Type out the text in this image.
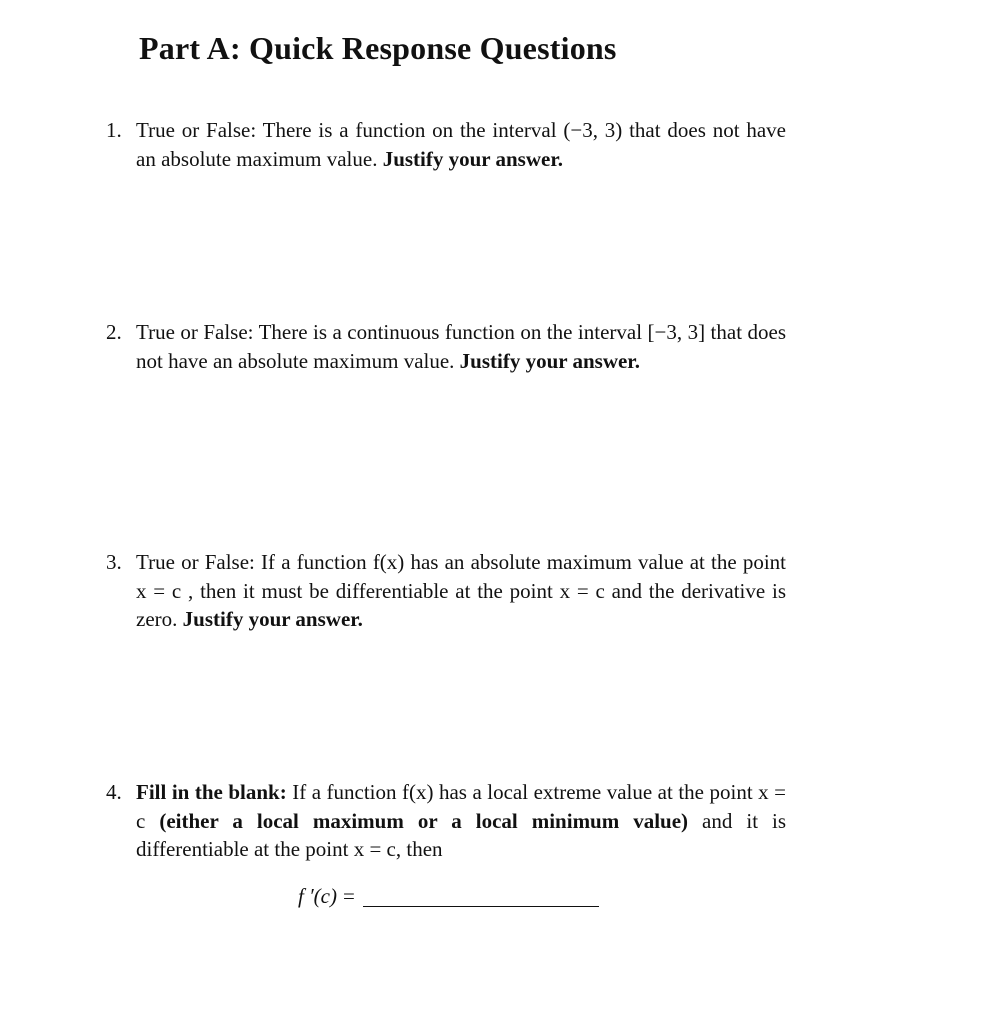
Part A: Quick Response Questions
1. True or False: There is a function on the interval (−3, 3) that does not have an absolute maximum value. Justify your answer.
2. True or False: There is a continuous function on the interval [−3, 3] that does not have an absolute maximum value. Justify your answer.
3. True or False: If a function f(x) has an absolute maximum value at the point x = c , then it must be differentiable at the point x = c and the derivative is zero. Justify your answer.
4. Fill in the blank: If a function f(x) has a local extreme value at the point x = c (either a local maximum or a local minimum value) and it is differentiable at the point x = c, then
f ′(c) =
